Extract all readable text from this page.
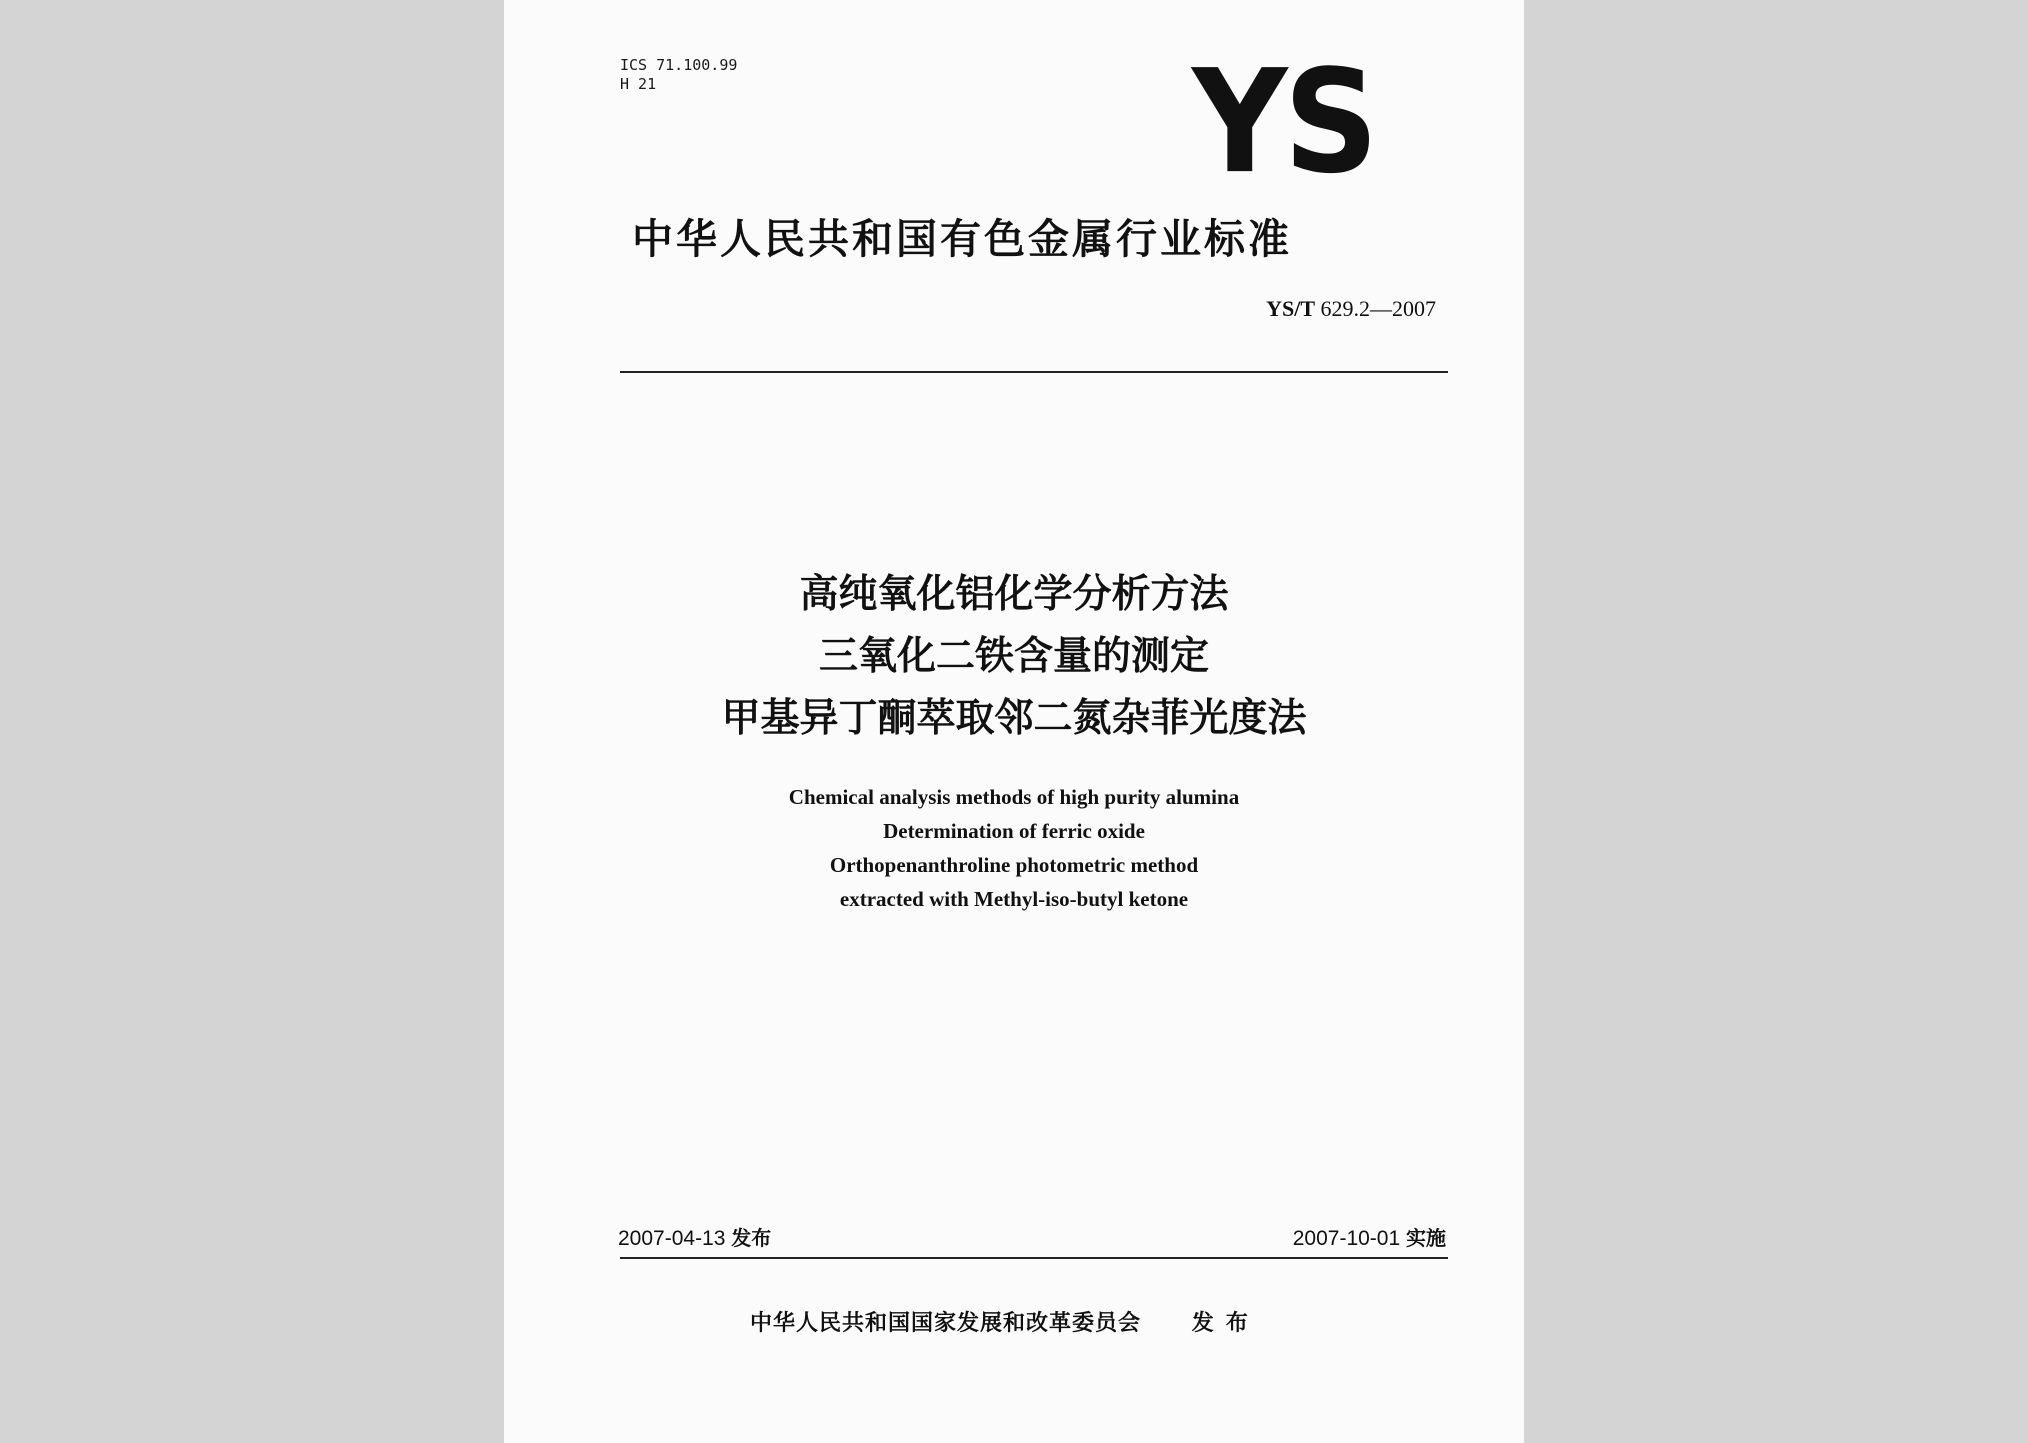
ICS 71.100.99
H 21	YS
中华人民共和国有色金属行业标准
YS/T 629.2—2007
高纯氧化铝化学分析方法
三氧化二铁含量的测定
甲基异丁酮萃取邻二氮杂菲光度法
Chemical analysis methods of high purity alumina
Determination of ferric oxide
Orthopenanthroline photometric method
extracted with Methyl-iso-butyl ketone
2007-04-13 发布	2007-10-01 实施
中华人民共和国国家发展和改革委员会 发布
